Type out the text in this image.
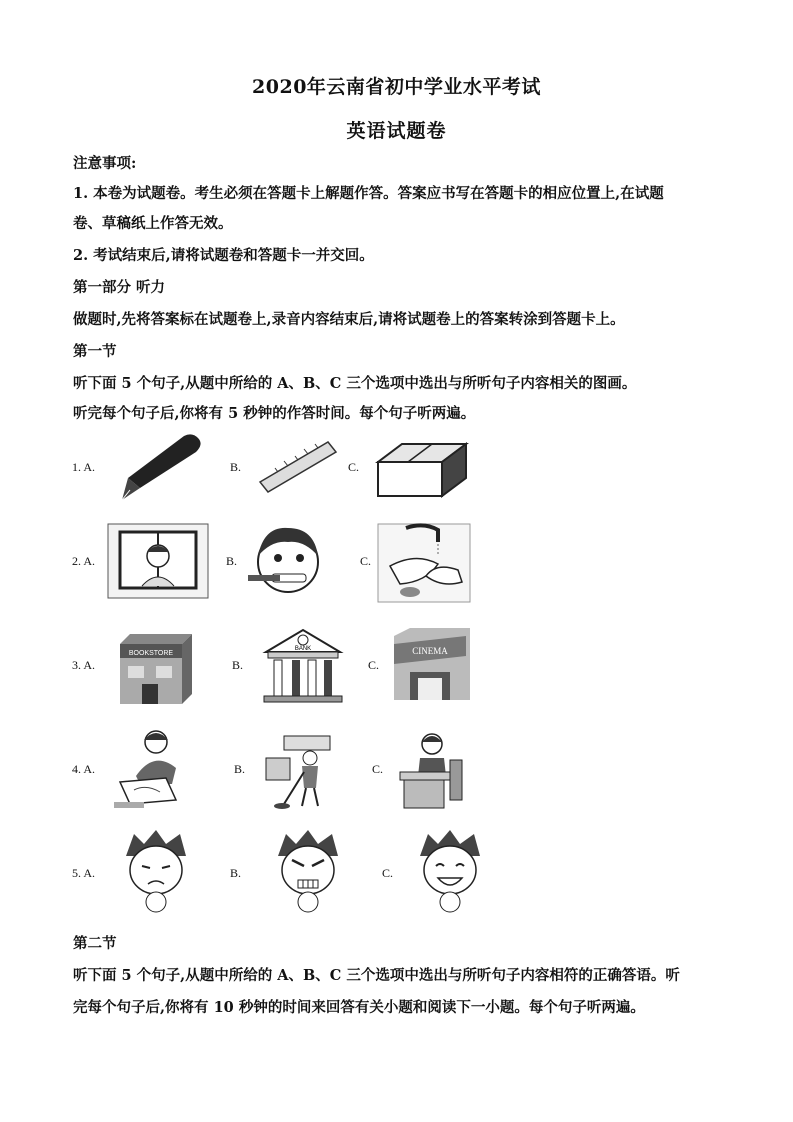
2020年云南省初中学业水平考试
英语试题卷
注意事项:
1. 本卷为试题卷。考生必须在答题卡上解题作答。答案应书写在答题卡的相应位置上,在试题
卷、草稿纸上作答无效。
2. 考试结束后,请将试题卷和答题卡一并交回。
第一部分 听力
做题时,先将答案标在试题卷上,录音内容结束后,请将试题卷上的答案转涂到答题卡上。
第一节
听下面 5 个句子,从题中所给的 A、B、C 三个选项中选出与所听句子内容相关的图画。
听完每个句子后,你将有 5 秒钟的作答时间。每个句子听两遍。
1. A.	B.	C.
2. A.	B.	C.
3. A.
BOOKSTORE
B.
BANK
C.
CINEMA
4. A.	B.	C.
5. A.	B.	C.
第二节
听下面 5 个句子,从题中所给的 A、B、C 三个选项中选出与所听句子内容相符的正确答语。听
完每个句子后,你将有 10 秒钟的时间来回答有关小题和阅读下一小题。每个句子听两遍。
